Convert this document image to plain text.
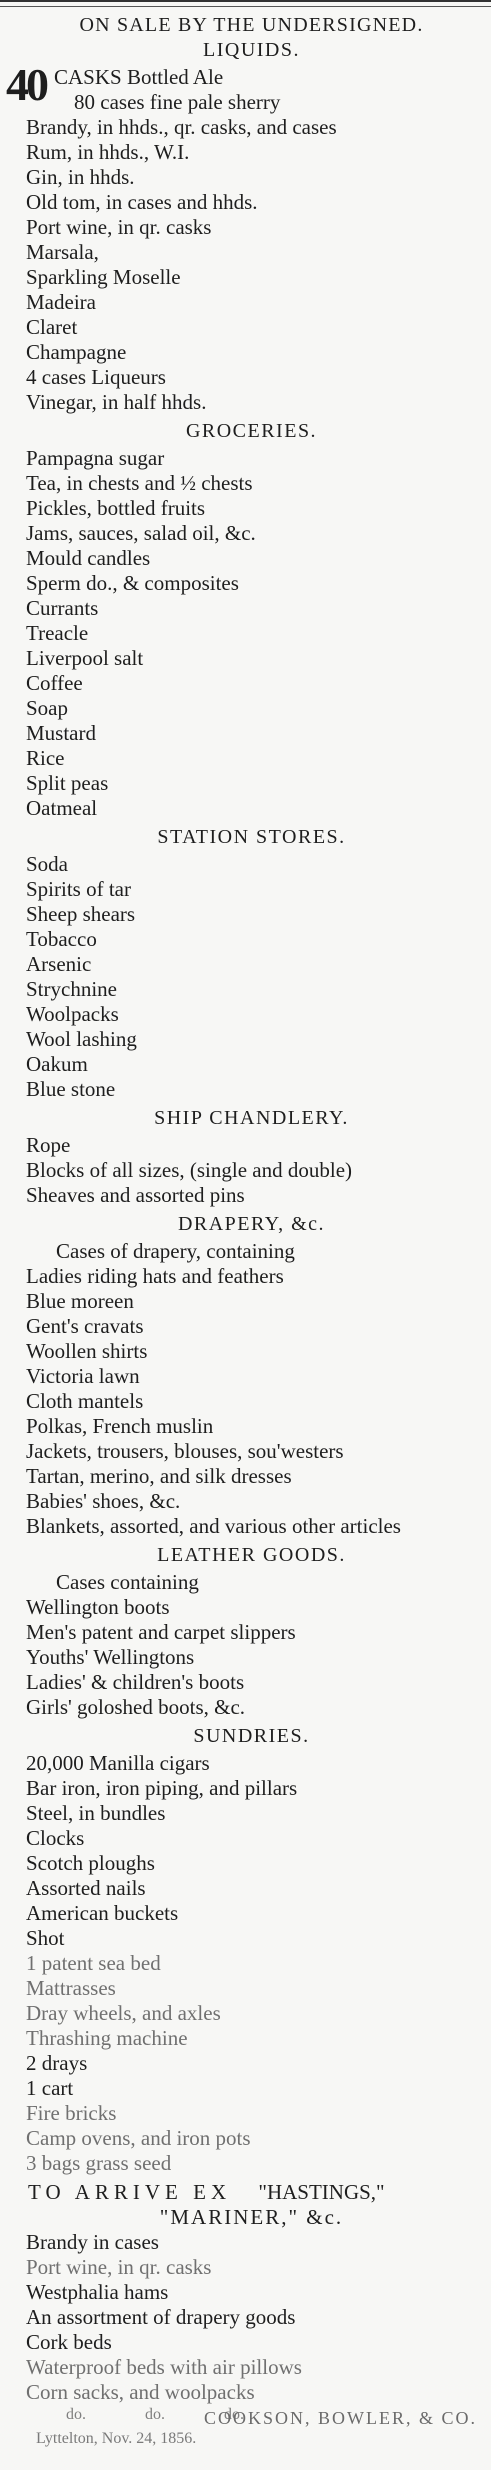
ON SALE BY THE UNDERSIGNED.
LIQUIDS.
40 CASKS Bottled Ale
80 cases fine pale sherry
Brandy, in hhds., qr. casks, and cases
Rum, in hhds., W.I.
Gin, in hhds.
Old tom, in cases and hhds.
Port wine, in qr. casks
Marsala,
Sparkling Moselle
Madeira
Claret
Champagne
4 cases Liqueurs
Vinegar, in half hhds.
GROCERIES.
Pampagna sugar
Tea, in chests and ½ chests
Pickles, bottled fruits
Jams, sauces, salad oil, &c.
Mould candles
Sperm do., & composites
Currants
Treacle
Liverpool salt
Coffee
Soap
Mustard
Rice
Split peas
Oatmeal
STATION STORES.
Soda
Spirits of tar
Sheep shears
Tobacco
Arsenic
Strychnine
Woolpacks
Wool lashing
Oakum
Blue stone
SHIP CHANDLERY.
Rope
Blocks of all sizes, (single and double)
Sheaves and assorted pins
DRAPERY, &c.
Cases of drapery, containing
Ladies riding hats and feathers
Blue moreen
Gent's cravats
Woollen shirts
Victoria lawn
Cloth mantels
Polkas, French muslin
Jackets, trousers, blouses, sou'westers
Tartan, merino, and silk dresses
Babies' shoes, &c.
Blankets, assorted, and various other articles
LEATHER GOODS.
Cases containing
Wellington boots
Men's patent and carpet slippers
Youths' Wellingtons
Ladies' & children's boots
Girls' goloshed boots, &c.
SUNDRIES.
20,000 Manilla cigars
Bar iron, iron piping, and pillars
Steel, in bundles
Clocks
Scotch ploughs
Assorted nails
American buckets
Shot
1 patent sea bed
Mattrasses
Dray wheels, and axles
Thrashing machine
2 drays
1 cart
Fire bricks
Camp ovens, and iron pots
3 bags grass seed
TO ARRIVE EX "HASTINGS,"
"MARINER," &c.
Brandy in cases
Port wine, in qr. casks
Westphalia hams
An assortment of drapery goods
Cork beds
Waterproof beds with air pillows
Corn sacks, and woolpacks
do. do. do.
COOKSON, BOWLER, & CO.
Lyttelton, Nov. 24, 1856.
